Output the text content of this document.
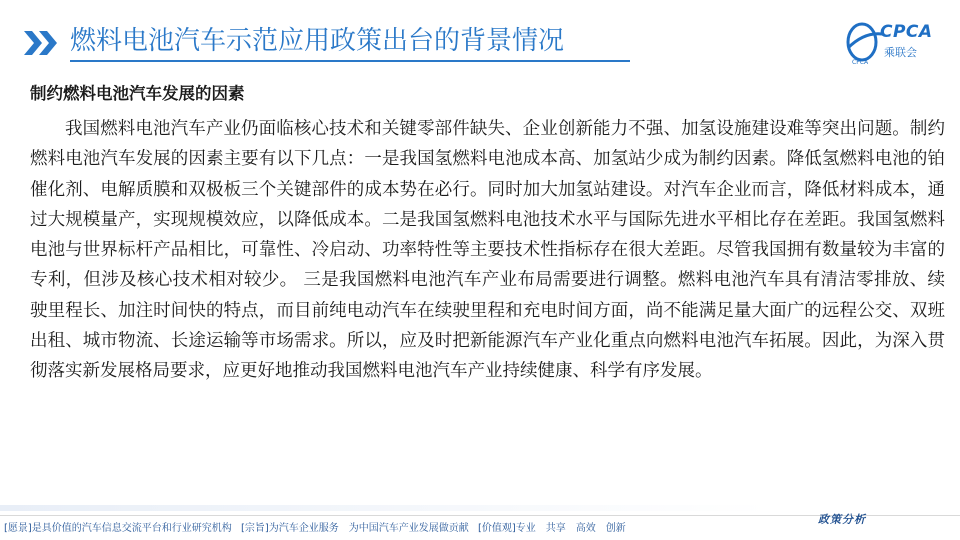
燃料电池汽车示范应用政策出台的背景情况
CPCA
CPCA
乘联会
制约燃料电池汽车发展的因素
我国燃料电池汽车产业仍面临核心技术和关键零部件缺失、企业创新能力不强、加氢设施建设难等突出问题。制约燃料电池汽车发展的因素主要有以下几点：一是我国氢燃料电池成本高、加氢站少成为制约因素。降低氢燃料电池的铂催化剂、电解质膜和双极板三个关键部件的成本势在必行。同时加大加氢站建设。对汽车企业而言，降低材料成本，通过大规模量产，实现规模效应，以降低成本。二是我国氢燃料电池技术水平与国际先进水平相比存在差距。我国氢燃料电池与世界标杆产品相比，可靠性、冷启动、功率特性等主要技术性指标存在很大差距。尽管我国拥有数量较为丰富的专利，但涉及核心技术相对较少。 三是我国燃料电池汽车产业布局需要进行调整。燃料电池汽车具有清洁零排放、续驶里程长、加注时间快的特点，而目前纯电动汽车在续驶里程和充电时间方面，尚不能满足量大面广的远程公交、双班出租、城市物流、长途运输等市场需求。所以，应及时把新能源汽车产业化重点向燃料电池汽车拓展。因此，为深入贯彻落实新发展格局要求，应更好地推动我国燃料电池汽车产业持续健康、科学有序发展。
政策分析
[愿景]是具价值的汽车信息交流平台和行业研究机构 [宗旨]为汽车企业服务　为中国汽车产业发展做贡献 [价值观]专业　共享　高效　创新
